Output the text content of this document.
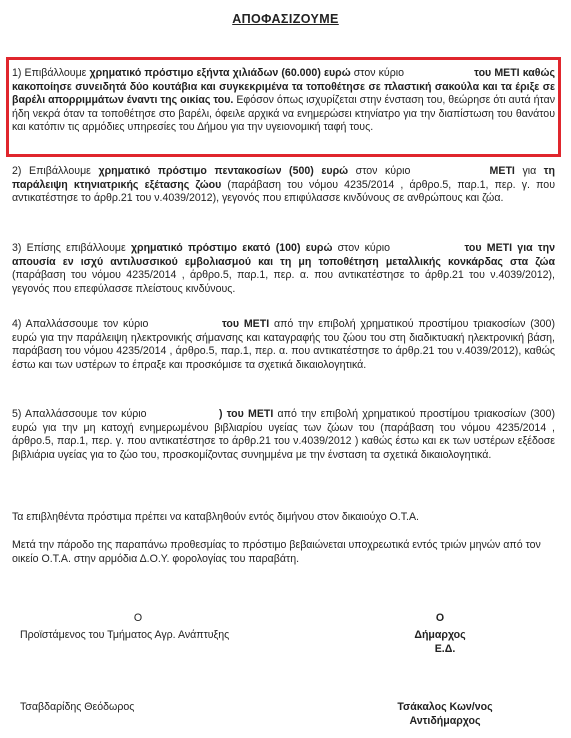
ΑΠΟΦΑΣΙΖΟΥΜΕ

1) Επιβάλλουμε χρηματικό πρόστιμο εξήντα χιλιάδων (60.000) ευρώ στον κύριο	του ΜΕΤΙ καθώς κακοποίησε συνειδητά δύο κουτάβια και συγκεκριμένα τα τοποθέτησε σε πλαστική σακούλα και τα έριξε σε βαρέλι απορριμμάτων έναντι της οικίας του. Εφόσον όπως ισχυρίζεται στην ένσταση του, θεώρησε ότι αυτά ήταν ήδη νεκρά όταν τα τοποθέτησε στο βαρέλι, όφειλε αρχικά να ενημερώσει κτηνίατρο για την διαπίστωση του θανάτου και κατόπιν τις αρμόδιες υπηρεσίες του Δήμου για την υγειονομική ταφή τους.

2) Επιβάλλουμε χρηματικό πρόστιμο πεντακοσίων (500) ευρώ στον κύριο	ΜΕΤΙ για τη παράλειψη κτηνιατρικής εξέτασης ζώου (παράβαση του νόμου 4235/2014 , άρθρο.5, παρ.1, περ. γ. που αντικατέστησε το άρθρ.21 του ν.4039/2012), γεγονός που επιφύλασσε κινδύνους σε ανθρώπους και ζώα.

3) Επίσης επιβάλλουμε χρηματικό πρόστιμο εκατό (100) ευρώ στον κύριο	του ΜΕΤΙ για την απουσία εν ισχύ αντιλυσσικού εμβολιασμού και τη μη τοποθέτηση μεταλλικής κονκάρδας στα ζώα (παράβαση του νόμου 4235/2014 , άρθρο.5, παρ.1, περ. α. που αντικατέστησε το άρθρ.21 του ν.4039/2012), γεγονός που επεφύλασσε πλείστους κινδύνους.

4) Απαλλάσσουμε τον κύριο	του ΜΕΤΙ από την επιβολή χρηματικού προστίμου τριακοσίων (300) ευρώ για την παράλειψη ηλεκτρονικής σήμανσης και καταγραφής του ζώου του στη διαδικτυακή ηλεκτρονική βάση, παράβαση του νόμου 4235/2014 , άρθρο.5, παρ.1, περ. α. που αντικατέστησε το άρθρ.21 του ν.4039/2012), καθώς έστω και των υστέρων το έπραξε και προσκόμισε τα σχετικά δικαιολογητικά.

5) Απαλλάσσουμε τον κύριο	) του ΜΕΤΙ από την επιβολή χρηματικού προστίμου τριακοσίων (300) ευρώ για την μη κατοχή ενημερωμένου βιβλιαρίου υγείας των ζώων του (παράβαση του νόμου 4235/2014 , άρθρο.5, παρ.1, περ. γ. που αντικατέστησε το άρθρ.21 του ν.4039/2012 ) καθώς έστω και εκ των υστέρων εξέδοσε βιβλιάρια υγείας για το ζώο του, προσκομίζοντας συνημμένα με την ένσταση τα σχετικά δικαιολογητικά.

Τα επιβληθέντα πρόστιμα πρέπει να καταβληθούν εντός διμήνου στον δικαιούχο Ο.Τ.Α.

Μετά την πάροδο της παραπάνω προθεσμίας το πρόστιμο βεβαιώνεται υποχρεωτικά εντός τριών μηνών από τον οικείο Ο.Τ.Α. στην αρμόδια Δ.Ο.Υ. φορολογίας του παραβάτη.

Ο
Προϊστάμενος του Τμήματος Αγρ. Ανάπτυξης
Τσαβδαρίδης Θεόδωρος
Ο
Δήμαρχος
Ε.Δ.
Τσάκαλος Κων/νος
Αντιδήμαρχος
